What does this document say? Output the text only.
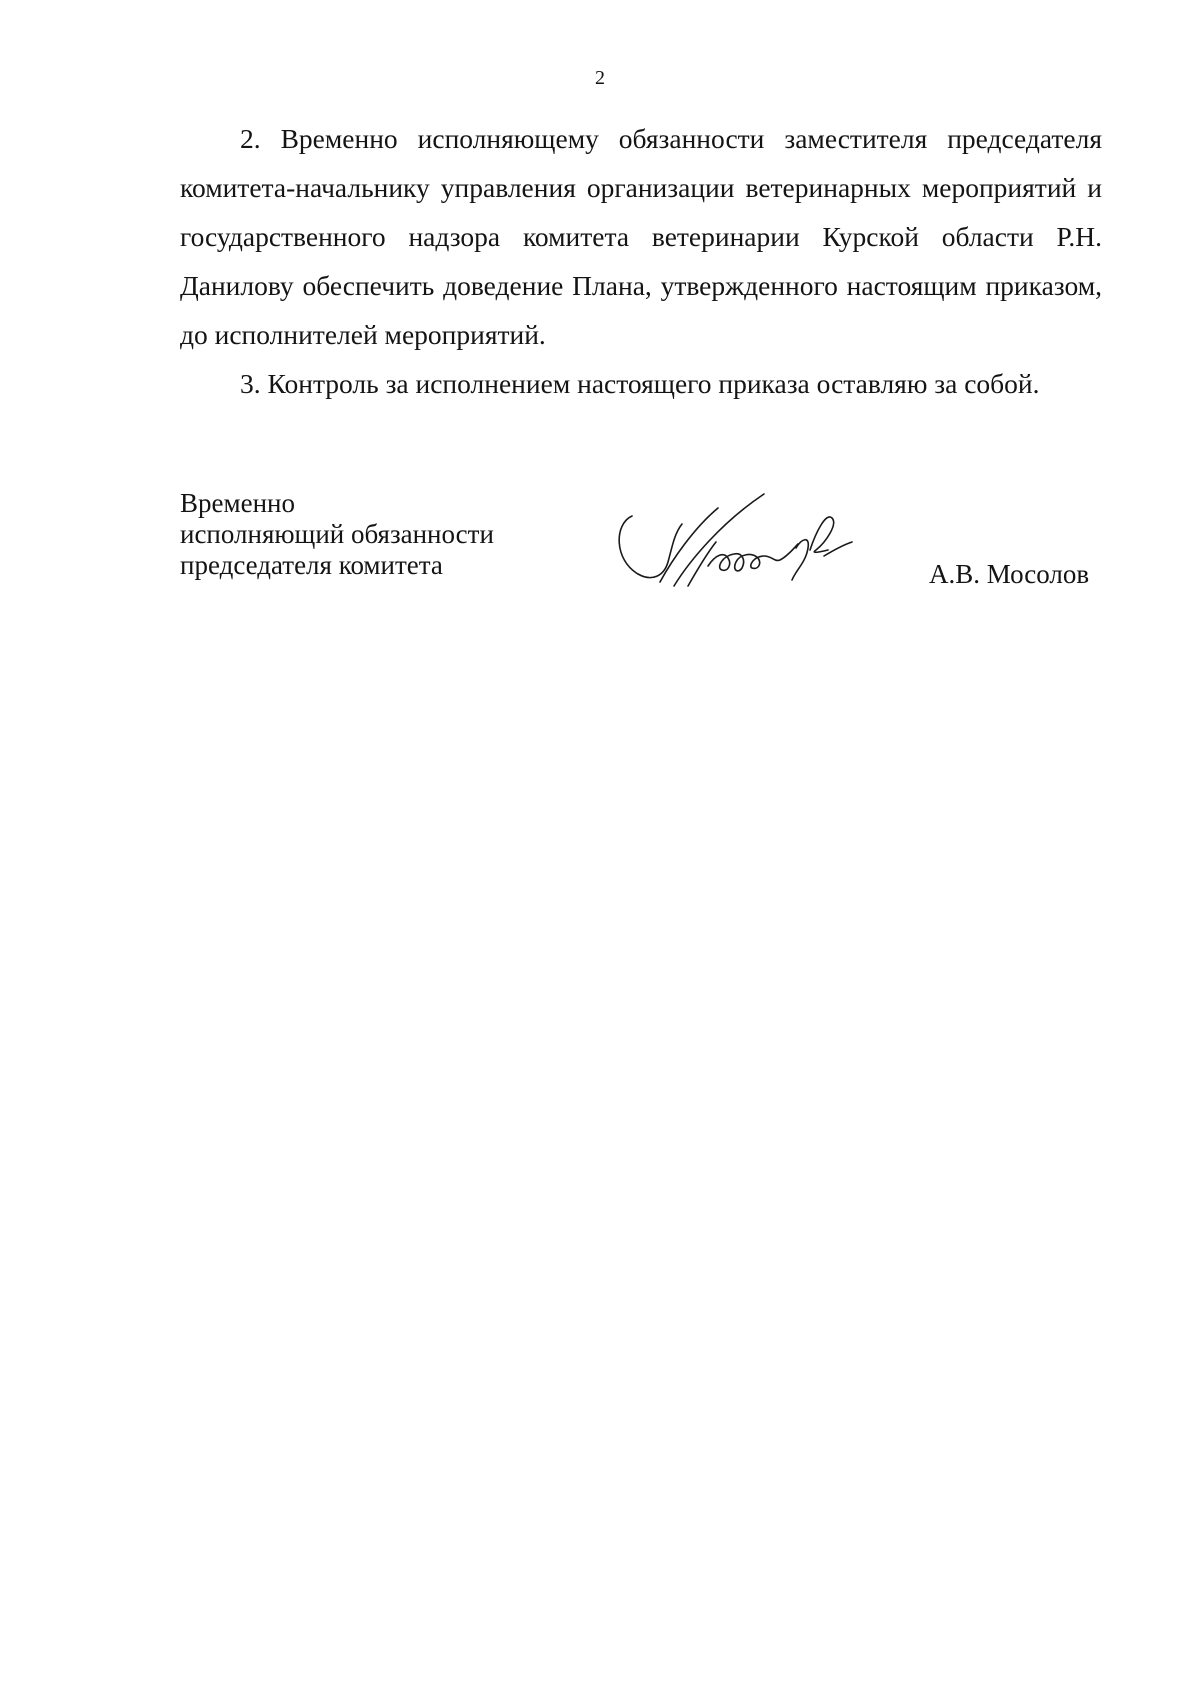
2

2. Временно исполняющему обязанности заместителя председателя комитета-начальнику управления организации ветеринарных мероприятий и государственного надзора комитета ветеринарии Курской области Р.Н. Данилову обеспечить доведение Плана, утвержденного настоящим приказом, до исполнителей мероприятий.

3. Контроль за исполнением настоящего приказа оставляю за собой.

Временно
исполняющий обязанности
председателя комитета	А.В. Мосолов
